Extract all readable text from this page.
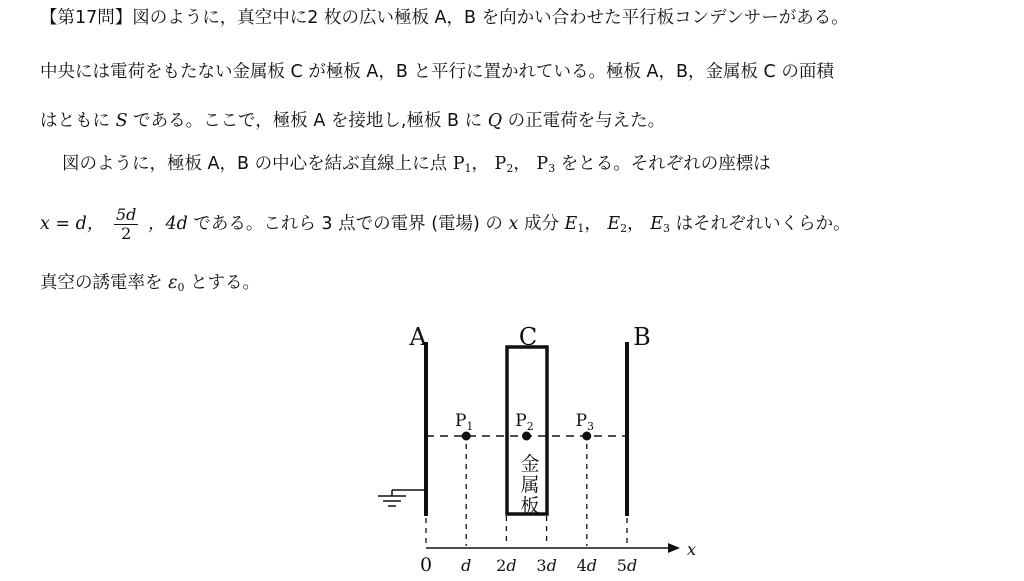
【第17問】図のように，真空中に2 枚の広い極板 A，B を向かい合わせた平行板コンデンサーがある。
中央には電荷をもたない金属板 C が極板 A，B と平行に置かれている。極板 A，B，金属板 C の面積
はともに S である。ここで，極板 A を接地し,極板 B に Q の正電荷を与えた。
図のように，極板 A，B の中心を結ぶ直線上に点 $P_1$， $P_2$， $P_3$ をとる。それぞれの座標は
x = d， $\frac{5d}{2}$ ，4d である。これら 3 点での電界 (電場) の x 成分 $E_1$， $E_2$， $E_3$ はそれぞれいくらか。
真空の誘電率を $\varepsilon_0$ とする。
A	C	B
金
属
板
x
0 d 2d 3d 4d 5d
$P_1$ $P_2$ $P_3$
